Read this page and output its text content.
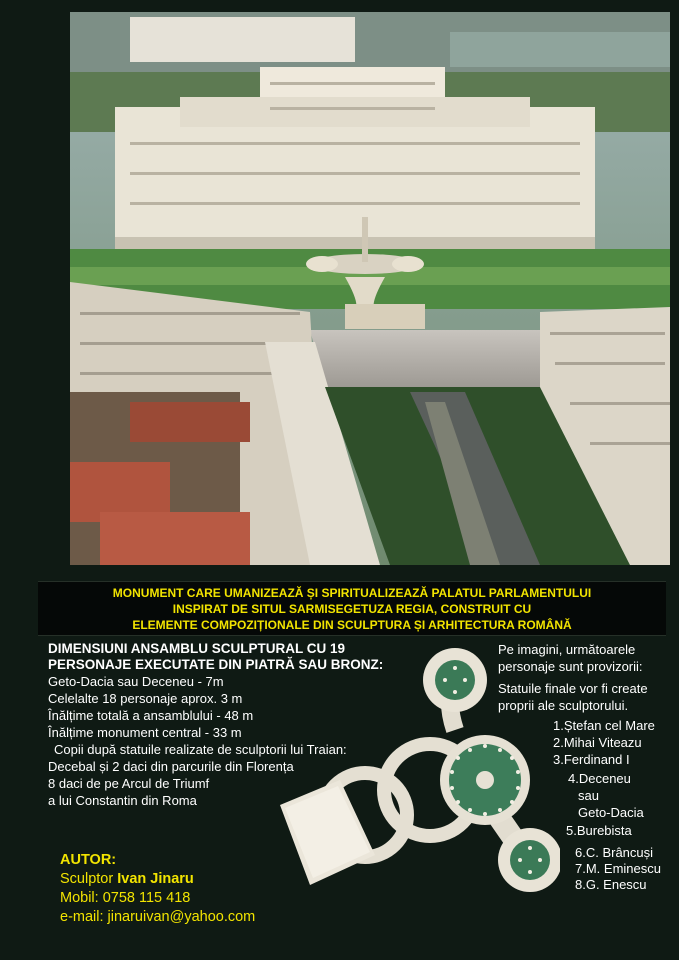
MONUMENT CARE UMANIZEAZĂ ȘI SPIRITUALIZEAZĂ PALATUL PARLAMENTULUI
INSPIRAT DE SITUL SARMISEGETUZA REGIA, CONSTRUIT CU
ELEMENTE COMPOZIȚIONALE DIN SCULPTURA ȘI ARHITECTURA ROMÂNĂ
DIMENSIUNI ANSAMBLU SCULPTURAL CU 19
PERSONAJE EXECUTATE DIN PIATRĂ SAU BRONZ:
Geto-Dacia sau Deceneu - 7m
Celelalte 18 personaje aprox. 3 m
Înălțime totală a ansamblului - 48 m
Înălțime monument central - 33 m
Copii după statuile realizate de sculptorii lui Traian:
Decebal și 2 daci din parcurile din Florența
8 daci de pe Arcul de Triumf
a lui Constantin din Roma
Pe imagini, următoarele
personaje sunt provizorii:
Statuile finale vor fi create
proprii ale sculptorului.
1.Ștefan cel Mare
2.Mihai Viteazu
3.Ferdinand I
4.Deceneu
sau
Geto-Dacia
5.Burebista
6.C. Brâncuși
7.M. Eminescu
8.G. Enescu
AUTOR:
Sculptor Ivan Jinaru
Mobil: 0758 115 418
e-mail: jinaruivan@yahoo.com
